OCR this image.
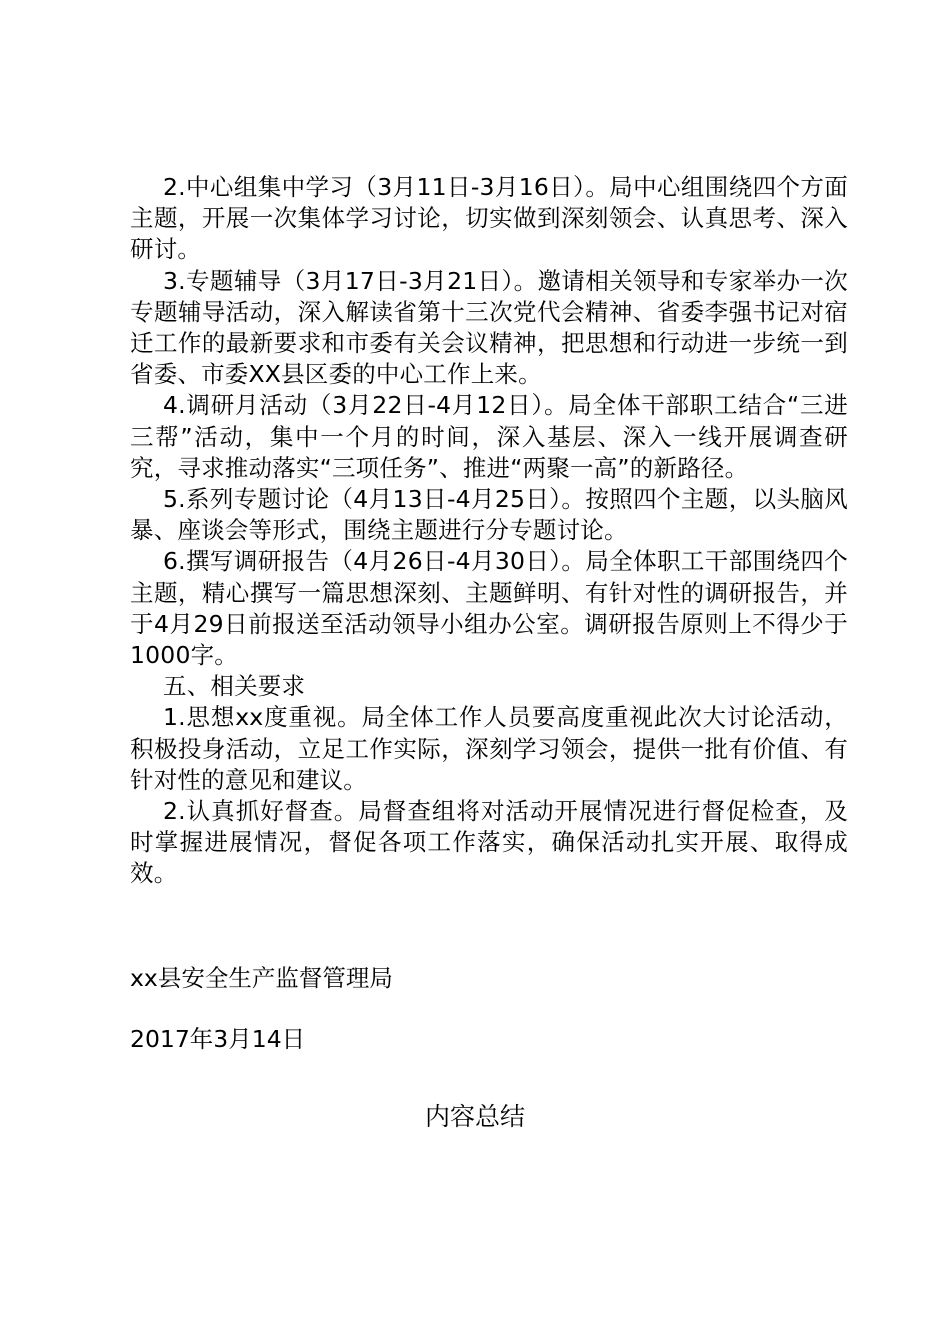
2.中心组集中学习（3月11日-3月16日）。局中心组围绕四个方面主题，开展一次集体学习讨论，切实做到深刻领会、认真思考、深入研讨。

3.专题辅导（3月17日-3月21日）。邀请相关领导和专家举办一次专题辅导活动，深入解读省第十三次党代会精神、省委李强书记对宿迁工作的最新要求和市委有关会议精神，把思想和行动进一步统一到省委、市委XX县区委的中心工作上来。

4.调研月活动（3月22日-4月12日）。局全体干部职工结合“三进三帮”活动，集中一个月的时间，深入基层、深入一线开展调查研究，寻求推动落实“三项任务”、推进“两聚一高”的新路径。

5.系列专题讨论（4月13日-4月25日）。按照四个主题，以头脑风暴、座谈会等形式，围绕主题进行分专题讨论。

6.撰写调研报告（4月26日-4月30日）。局全体职工干部围绕四个主题，精心撰写一篇思想深刻、主题鲜明、有针对性的调研报告，并于4月29日前报送至活动领导小组办公室。调研报告原则上不得少于1000字。

五、相关要求

1.思想xx度重视。局全体工作人员要高度重视此次大讨论活动，积极投身活动，立足工作实际，深刻学习领会，提供一批有价值、有针对性的意见和建议。

2.认真抓好督查。局督查组将对活动开展情况进行督促检查，及时掌握进展情况，督促各项工作落实，确保活动扎实开展、取得成效。

xx县安全生产监督管理局
2017年3月14日
内容总结
